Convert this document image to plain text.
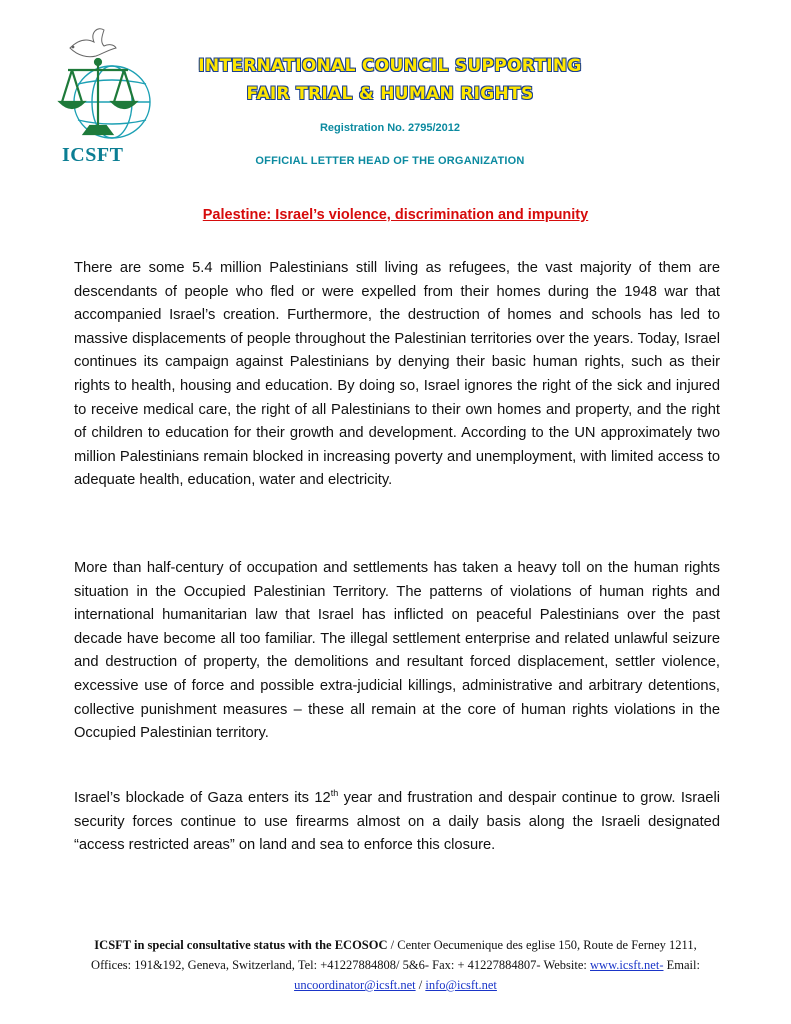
ICSFT
INTERNATIONAL COUNCIL SUPPORTING
FAIR TRIAL & HUMAN RIGHTS
Registration No. 2795/2012
OFFICIAL LETTER HEAD OF THE ORGANIZATION
Palestine: Israel’s violence, discrimination and impunity

There are some 5.4 million Palestinians still living as refugees, the vast majority of them are descendants of people who fled or were expelled from their homes during the 1948 war that accompanied Israel’s creation. Furthermore, the destruction of homes and schools has led to massive displacements of people throughout the Palestinian territories over the years. Today, Israel continues its campaign against Palestinians by denying their basic human rights, such as their rights to health, housing and education. By doing so, Israel ignores the right of the sick and injured to receive medical care, the right of all Palestinians to their own homes and property, and the right of children to education for their growth and development. According to the UN approximately two million Palestinians remain blocked in increasing poverty and unemployment, with limited access to adequate health, education, water and electricity.

More than half-century of occupation and settlements has taken a heavy toll on the human rights situation in the Occupied Palestinian Territory. The patterns of violations of human rights and international humanitarian law that Israel has inflicted on peaceful Palestinians over the past decade have become all too familiar. The illegal settlement enterprise and related unlawful seizure and destruction of property, the demolitions and resultant forced displacement, settler violence, excessive use of force and possible extra-judicial killings, administrative and arbitrary detentions, collective punishment measures – these all remain at the core of human rights violations in the Occupied Palestinian territory.

Israel’s blockade of Gaza enters its 12th year and frustration and despair continue to grow. Israeli security forces continue to use firearms almost on a daily basis along the Israeli designated “access restricted areas” on land and sea to enforce this closure.

ICSFT in special consultative status with the ECOSOC / Center Oecumenique des eglise 150, Route de Ferney 1211, Offices: 191&192, Geneva, Switzerland, Tel: +41227884808/ 5&6- Fax: + 41227884807- Website: www.icsft.net- Email: uncoordinator@icsft.net / info@icsft.net
